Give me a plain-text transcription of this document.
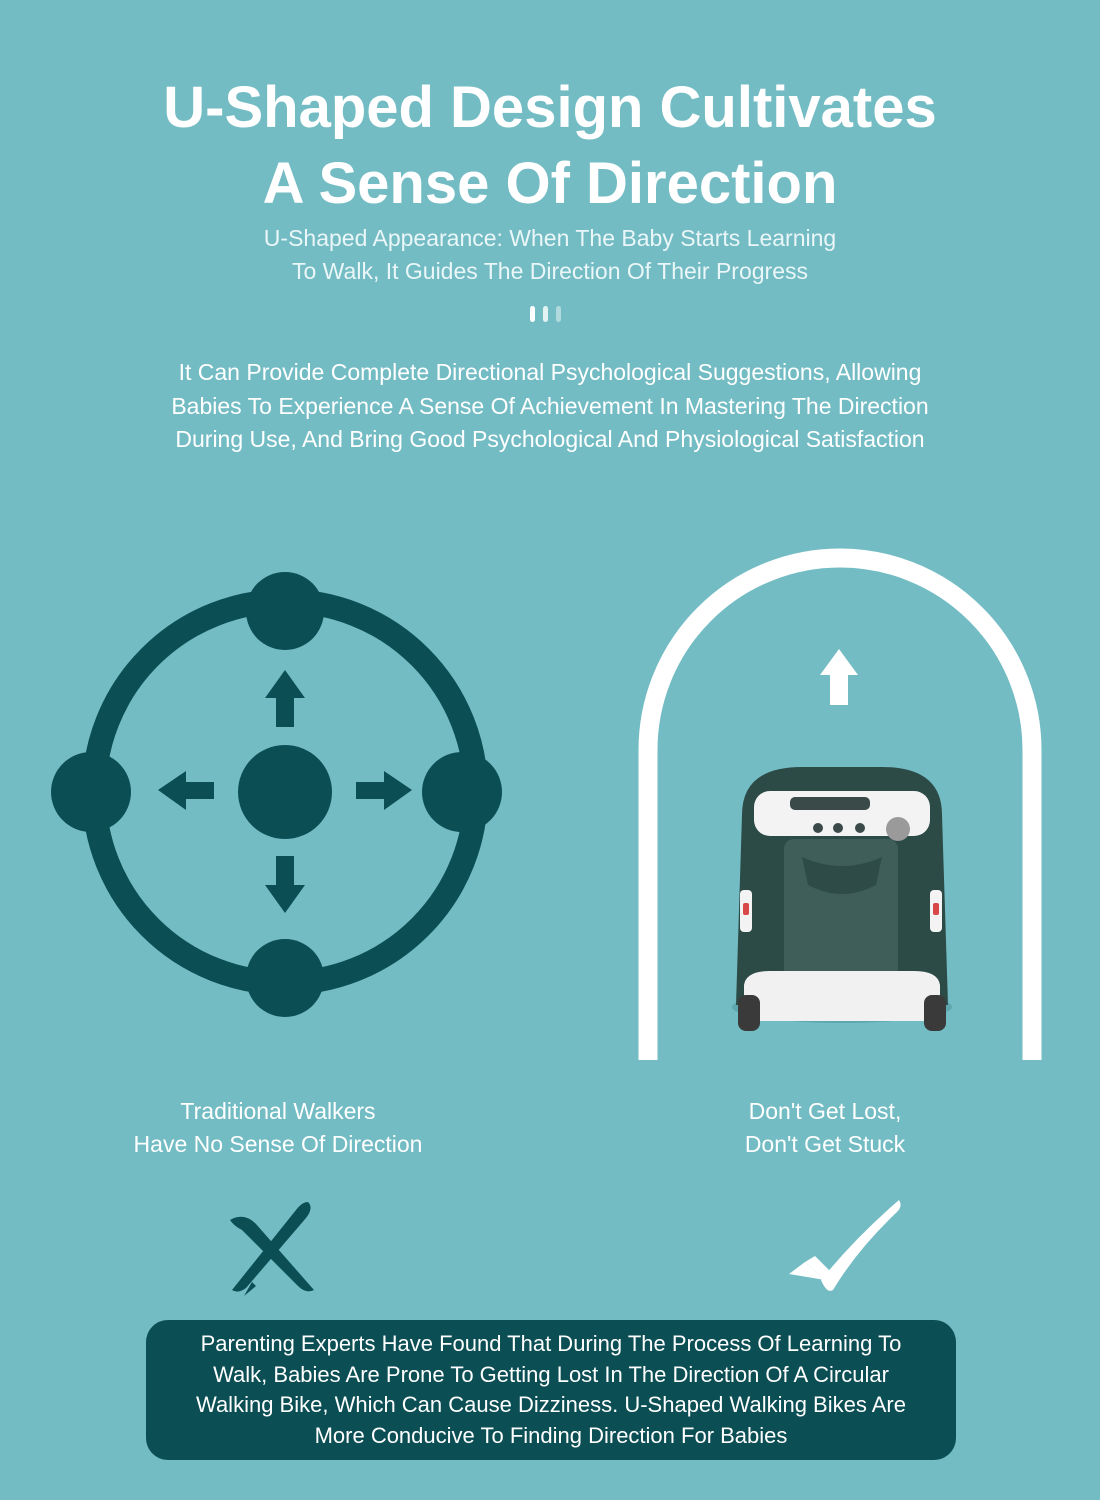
U-Shaped Design Cultivates
A Sense Of Direction
U-Shaped Appearance: When The Baby Starts Learning
To Walk, It Guides The Direction Of Their Progress
It Can Provide Complete Directional Psychological Suggestions, Allowing
Babies To Experience A Sense Of Achievement In Mastering The Direction
During Use, And Bring Good Psychological And Physiological Satisfaction
Traditional Walkers
Have No Sense Of Direction
Don't Get Lost,
Don't Get Stuck
Parenting Experts Have Found That During The Process Of Learning To
Walk, Babies Are Prone To Getting Lost In The Direction Of A Circular
Walking Bike, Which Can Cause Dizziness. U-Shaped Walking Bikes Are
More Conducive To Finding Direction For Babies
